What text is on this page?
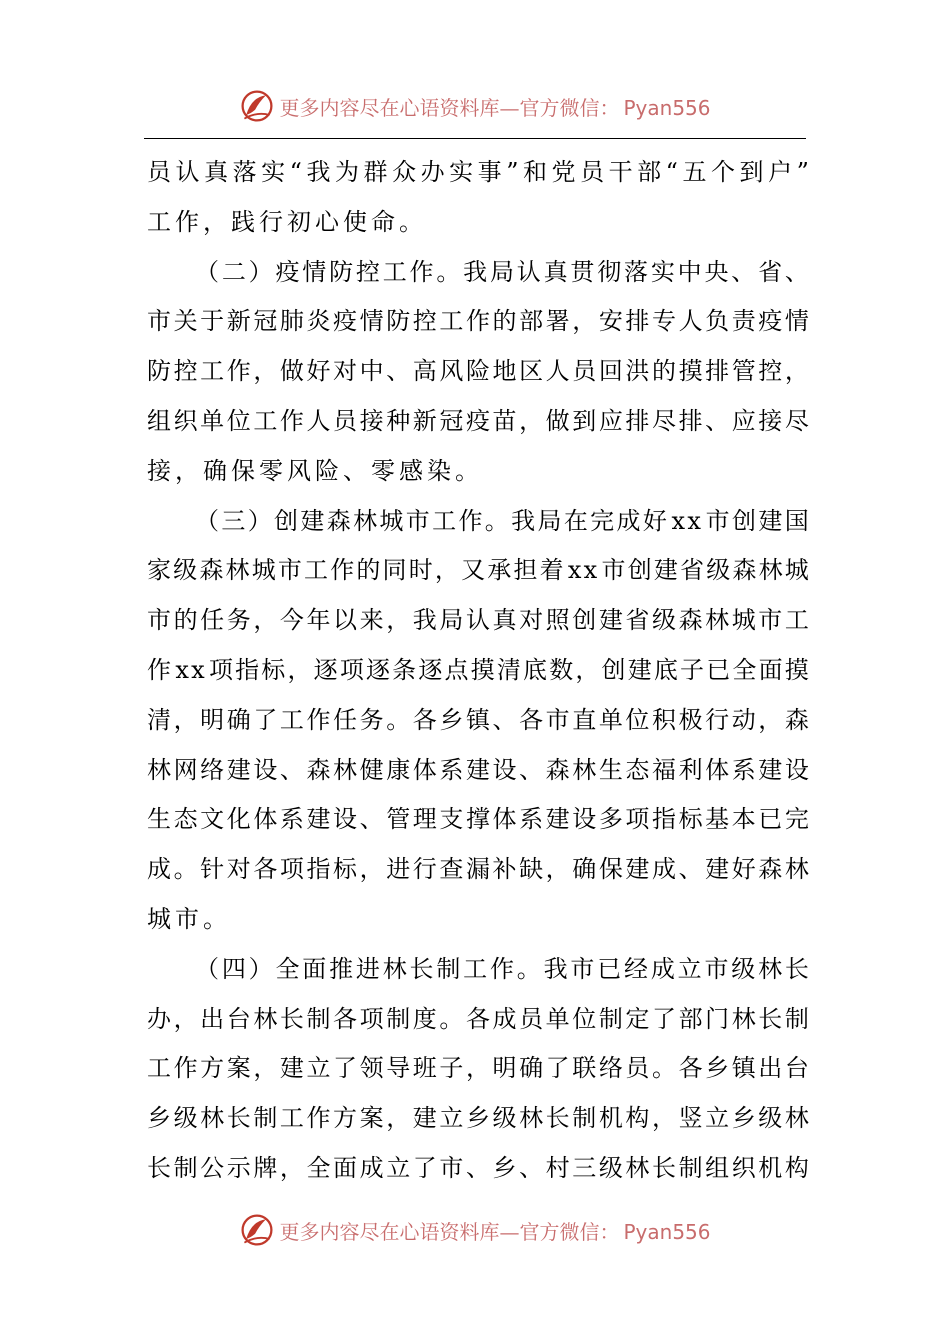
更多内容尽在心语资料库—官方微信： Pyan556
员 认 真 落 实 “ 我 为 群 众 办 实 事 ” 和 党 员 干 部 “ 五 个 到 户 ”
工作，践行初心使命。
（ 二 ） 疫 情 防 控 工 作 。 我 局 认 真 贯 彻 落 实 中 央 、 省 、
市 关 于 新 冠 肺 炎 疫 情 防 控 工 作 的 部 署 ， 安 排 专 人 负 责 疫 情
防 控 工 作 ， 做 好 对 中 、 高 风 险 地 区 人 员 回 洪 的 摸 排 管 控 ，
组 织 单 位 工 作 人 员 接 种 新 冠 疫 苗 ， 做 到 应 排 尽 排 、 应 接 尽
接，确保零风险、零感染。
（ 三 ） 创 建 森 林 城 市 工 作 。 我 局 在 完 成 好 x x 市 创 建 国
家 级 森 林 城 市 工 作 的 同 时 ， 又 承 担 着 x x 市 创 建 省 级 森 林 城
市 的 任 务 ， 今 年 以 来 ， 我 局 认 真 对 照 创 建 省 级 森 林 城 市 工
作 x x 项 指 标 ， 逐 项 逐 条 逐 点 摸 清 底 数 ， 创 建 底 子 已 全 面 摸
清 ， 明 确 了 工 作 任 务 。 各 乡 镇 、 各 市 直 单 位 积 极 行 动 ， 森
林 网 络 建 设 、 森 林 健 康 体 系 建 设 、 森 林 生 态 福 利 体 系 建 设
生 态 文 化 体 系 建 设 、 管 理 支 撑 体 系 建 设 多 项 指 标 基 本 已 完
成 。 针 对 各 项 指 标 ， 进 行 查 漏 补 缺 ， 确 保 建 成 、 建 好 森 林
城市。
（ 四 ） 全 面 推 进 林 长 制 工 作 。 我 市 已 经 成 立 市 级 林 长
办 ， 出 台 林 长 制 各 项 制 度 。 各 成 员 单 位 制 定 了 部 门 林 长 制
工 作 方 案 ， 建 立 了 领 导 班 子 ， 明 确 了 联 络 员 。 各 乡 镇 出 台
乡 级 林 长 制 工 作 方 案 ， 建 立 乡 级 林 长 制 机 构 ， 竖 立 乡 级 林
长 制 公 示 牌 ， 全 面 成 立 了 市 、 乡 、 村 三 级 林 长 制 组 织 机 构
更多内容尽在心语资料库—官方微信： Pyan556
